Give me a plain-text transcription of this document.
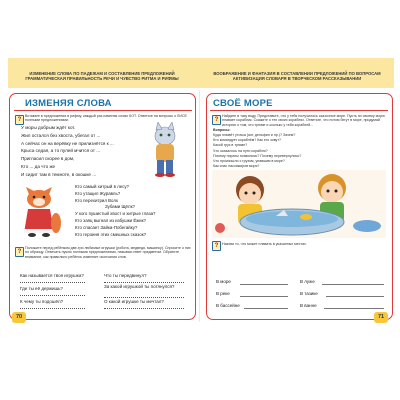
ИЗМЕНЕНИЕ СЛОВА ПО ПАДЕЖАМ И СОСТАВЛЕНИЕ ПРЕДЛОЖЕНИЙ
ГРАММАТИЧЕСКАЯ ПРАВИЛЬНОСТЬ РЕЧИ И ЧУВСТВО РИТМА И РИФМЫ
ВООБРАЖЕНИЕ И ФАНТАЗИЯ В СОСТАВЛЕНИИ ПРЕДЛОЖЕНИЙ ПО ВОПРОСАМ
АКТИВИЗАЦИЯ СЛОВАРЯ В ТВОРЧЕСКОМ РАССКАЗЫВАНИИ
ИЗМЕНЯЯ СЛОВА
?
Вставьте в предложения в рифму, каждый раз изменяя слово КОТ. Ответьте на вопросы о ЛИСЕ полными предложениями.
У моры добрым ждёт кот.
Жил остался без хвоста, убегал от ...
А сейчас он на верёвку не прилизнётся к ...
Крыса седая, а то пулей мчится от ...
Пригласил скорее в дом,
Кто ... да что же
И сидит там в темноте, в окошке ...
Кто самый хитрый в лесу?
Кто утащил Журавль?
Кто перехитрил Волк
Зубами Щёлк?
У кого пушистый хвост и хитрые глаза?
Кто заяц выгнал из избушки Ёжик?
Кто спасает Зайка-Побегайку?
Кто героиня этих смешных сказок?
?
Положите перед ребёнком две-три любимые игрушки (робота, медведя, машинку). Спросите о них по образцу. Отвечать нужно полными предложениями, называя ответ предметом. Обратите внимание, как правильно ребёнок изменяет окончания слов.
Как называется твоя игрушка?
Где ты её держишь?
К чему ты подошёл?
Что ты передвинул?
За какой игрушкой ты потянулся?
О какой игрушке ты мечтал?
70
СВОЁ МОРЕ
?
Найдите в тазу воду. Представьте, что у тебя получилось сказочное море. Пусть по своему морю плавает кораблик. Скажите о тех своих кораблях. Ответьте, что потом бегут в море, придумай историю о том, что трюме и сколько у тебя кораблей...
Вопросы:
Куда плывёт уточка (кит, дельфин и пр.)? Зачем?
Кто командует кораблём? Как его зовут?
Какой груз в трюме?
Что оказалось на пути кораблю?
Почему пираты появились? Почему перевернулись?
Что произошло с грузом, упавшим в море?
Как спас пассажиров моря?
?	Назови то, что может плавать в указанных местах.
В море
В реке
В бассейне
В луже
В тазике
В ванне
71
